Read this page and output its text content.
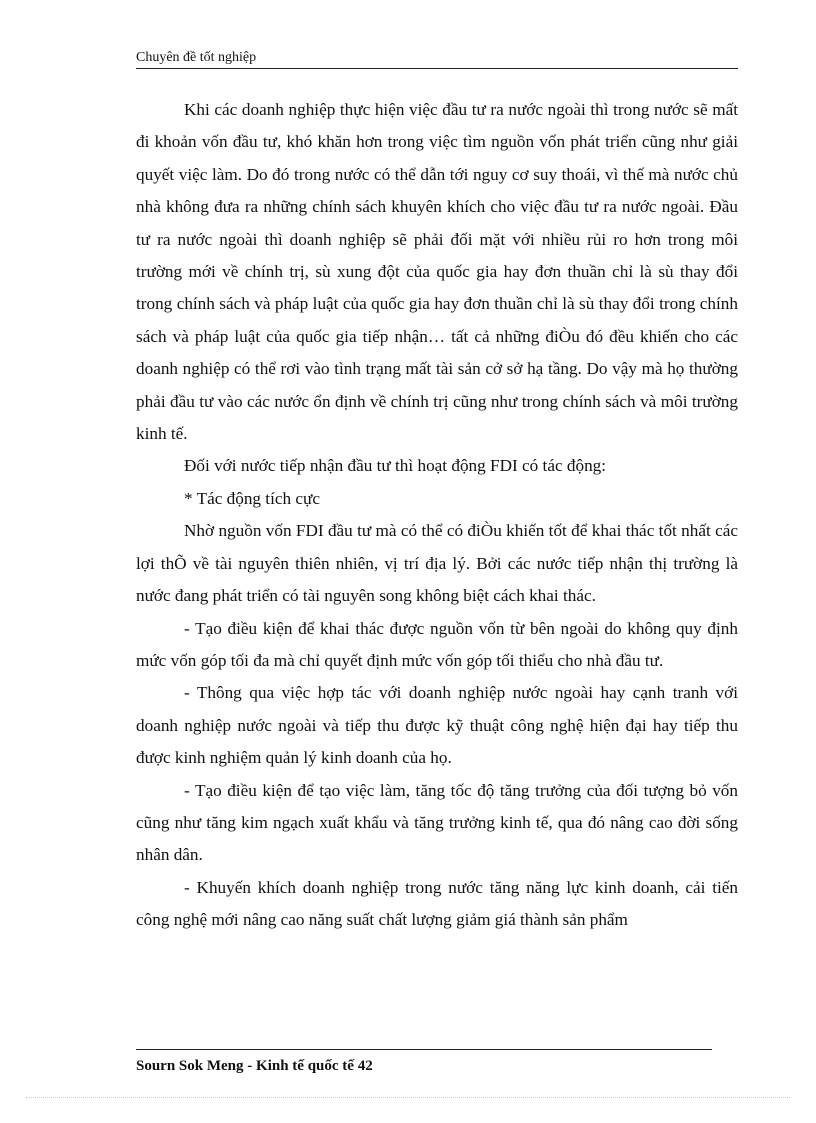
Chuyên đề tốt nghiệp

Khi các doanh nghiệp thực hiện việc đầu tư ra nước ngoài thì trong nước sẽ mất đi khoản vốn đầu tư, khó khăn hơn trong việc tìm nguồn vốn phát triển cũng như giải quyết việc làm. Do đó trong nước có thể dẫn tới nguy cơ suy thoái, vì thế mà nước chủ nhà không đưa ra những chính sách khuyên khích cho việc đầu tư ra nước ngoài. Đầu tư ra nước ngoài thì doanh nghiệp sẽ phải đối mặt với nhiều rủi ro hơn trong môi trường mới về chính trị, sù xung đột của quốc gia hay đơn thuần chỉ là sù thay đổi trong chính sách và pháp luật của quốc gia hay đơn thuần chỉ là sù thay đổi trong chính sách và pháp luật của quốc gia tiếp nhận… tất cả những điÒu đó đều khiến cho các doanh nghiệp có thể rơi vào tình trạng mất tài sản cở sở hạ tầng. Do vậy mà họ thường phải đầu tư vào các nước ổn định về chính trị cũng như trong chính sách và môi trường kinh tế.

Đối với nước tiếp nhận đầu tư thì hoạt động FDI có tác động:

* Tác động tích cực

Nhờ nguồn vốn FDI đầu tư mà có thể có điÒu khiến tốt để khai thác tốt nhất các lợi thÕ về tài nguyên thiên nhiên, vị trí địa lý. Bởi các nước tiếp nhận thị trường là nước đang phát triển có tài nguyên song không biệt cách khai thác.

- Tạo điều kiện để khai thác được nguồn vốn từ bên ngoài do không quy định mức vốn góp tối đa mà chỉ quyết định mức vốn góp tối thiểu cho nhà đầu tư.

- Thông qua việc hợp tác với doanh nghiệp nước ngoài hay cạnh tranh với doanh nghiệp nước ngoài và tiếp thu được kỹ thuật công nghệ hiện đại hay tiếp thu được kinh nghiệm quản lý kinh doanh của họ.

- Tạo điều kiện để tạo việc làm, tăng tốc độ tăng trưởng của đối tượng bỏ vốn cũng như tăng kim ngạch xuất khẩu và tăng trưởng kinh tế, qua đó nâng cao đời sống nhân dân.

- Khuyến khích doanh nghiệp trong nước tăng năng lực kinh doanh, cải tiến công nghệ mới nâng cao năng suất chất lượng giảm giá thành sản phẩm

Sourn Sok Meng - Kinh tế quốc tế 42
